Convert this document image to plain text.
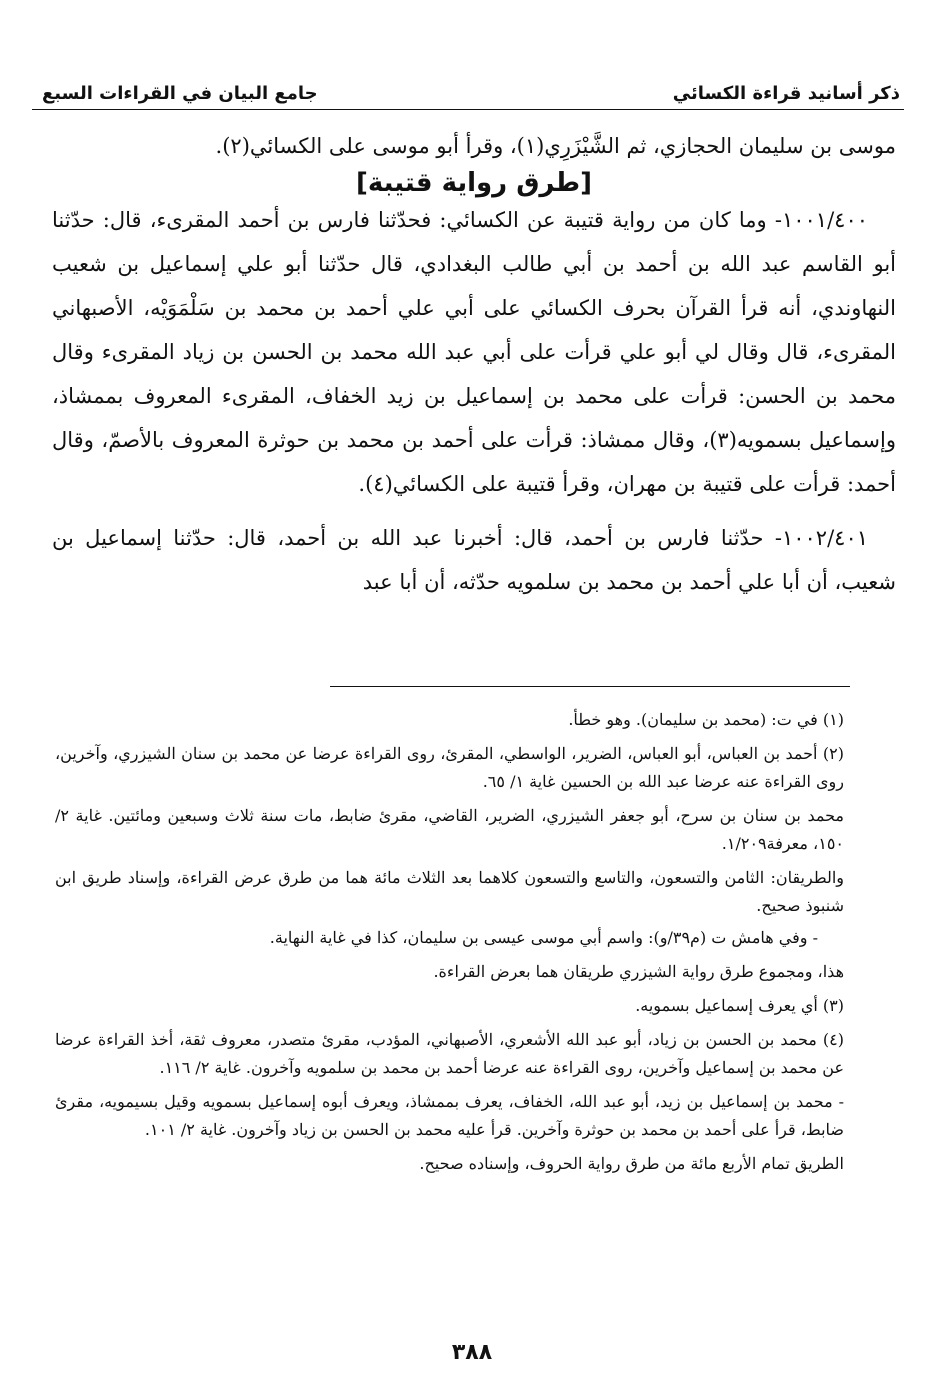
ذكر أسانيد قراءة الكسائي
جامع البيان في القراءات السبع

موسى بن سليمان الحجازي، ثم الشَّيْزَرِي(١)، وقرأ أبو موسى على الكسائي(٢).

[طرق رواية قتيبة]

١٠٠١/٤٠٠- وما كان من رواية قتيبة عن الكسائي: فحدّثنا فارس بن أحمد المقرىء، قال: حدّثنا أبو القاسم عبد الله بن أحمد بن أبي طالب البغدادي، قال حدّثنا أبو علي إسماعيل بن شعيب النهاوندي، أنه قرأ القرآن بحرف الكسائي على أبي علي أحمد بن محمد بن سَلْمَوَيْه، الأصبهاني المقرىء، قال وقال لي أبو علي قرأت على أبي عبد الله محمد بن الحسن بن زياد المقرىء وقال محمد بن الحسن: قرأت على محمد بن إسماعيل بن زيد الخفاف، المقرىء المعروف بممشاذ، وإسماعيل بسمويه(٣)، وقال ممشاذ: قرأت على أحمد بن محمد بن حوثرة المعروف بالأصمّ، وقال أحمد: قرأت على قتيبة بن مهران، وقرأ قتيبة على الكسائي(٤).

١٠٠٢/٤٠١- حدّثنا فارس بن أحمد، قال: أخبرنا عبد الله بن أحمد، قال: حدّثنا إسماعيل بن شعيب، أن أبا علي أحمد بن محمد بن سلمويه حدّثه، أن أبا عبد

(١) في ت: (محمد بن سليمان). وهو خطأ.

(٢) أحمد بن العباس، أبو العباس، الضرير، الواسطي، المقرئ، روى القراءة عرضا عن محمد بن سنان الشيزري، وآخرين، روى القراءة عنه عرضا عبد الله بن الحسين غاية ١/ ٦٥.

محمد بن سنان بن سرح، أبو جعفر الشيزري، الضرير، القاضي، مقرئ ضابط، مات سنة ثلاث وسبعين ومائتين. غاية ٢/ ١٥٠، معرفة١/٢٠٩.

والطريقان: الثامن والتسعون، والتاسع والتسعون كلاهما بعد الثلاث مائة هما من طرق عرض القراءة، وإسناد طريق ابن شنبوذ صحيح.

- وفي هامش ت (م٣٩/و): واسم أبي موسى عيسى بن سليمان، كذا في غاية النهاية.

هذا، ومجموع طرق رواية الشيزري طريقان هما بعرض القراءة.

(٣) أي يعرف إسماعيل بسمويه.

(٤) محمد بن الحسن بن زياد، أبو عبد الله الأشعري، الأصبهاني، المؤدب، مقرئ متصدر، معروف ثقة، أخذ القراءة عرضا عن محمد بن إسماعيل وآخرين، روى القراءة عنه عرضا أحمد بن محمد بن سلمويه وآخرون. غاية ٢/ ١١٦.

- محمد بن إسماعيل بن زيد، أبو عبد الله، الخفاف، يعرف بممشاذ، ويعرف أبوه إسماعيل بسمويه وقيل بسيمويه، مقرئ ضابط، قرأ على أحمد بن محمد بن حوثرة وآخرين. قرأ عليه محمد بن الحسن بن زياد وآخرون. غاية ٢/ ١٠١.

الطريق تمام الأربع مائة من طرق رواية الحروف، وإسناده صحيح.

٣٨٨
